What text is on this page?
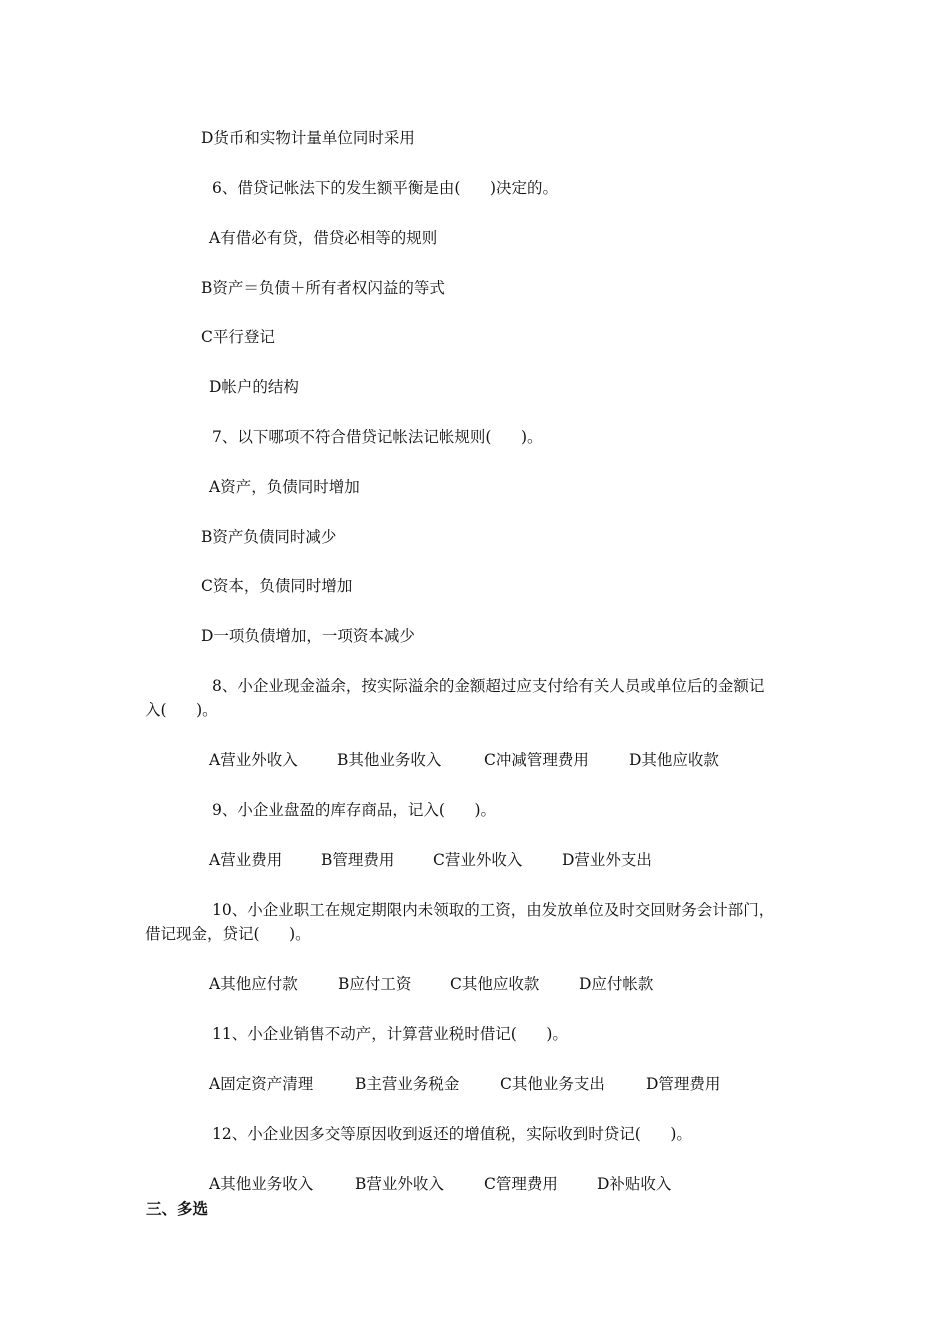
D货币和实物计量单位同时采用
6、借贷记帐法下的发生额平衡是由(      )决定的。
A有借必有贷，借贷必相等的规则
B资产＝负债＋所有者权闪益的等式
C平行登记
D帐户的结构
7、以下哪项不符合借贷记帐法记帐规则(      )。
A资产，负债同时增加
B资产负债同时减少
C资本，负债同时增加
D一项负债增加，一项资本减少
8、小企业现金溢余，按实际溢余的金额超过应支付给有关人员或单位后的金额记
入(      )。
A营业外收入	B其他业务收入	C冲减管理费用	D其他应收款
9、小企业盘盈的库存商品，记入(      )。
A营业费用	B管理费用 C营业外收入	D营业外支出
10、小企业职工在规定期限内未领取的工资，由发放单位及时交回财务会计部门，
借记现金，贷记(      )。
A其他应付款	B应付工资 C其他应收款	D应付帐款
11、小企业销售不动产，计算营业税时借记(      )。
A固定资产清理	B主营业务税金	C其他业务支出	D管理费用
12、小企业因多交等原因收到返还的增值税，实际收到时贷记(      )。
A其他业务收入	B营业外收入	C管理费用	D补贴收入
三、多选
